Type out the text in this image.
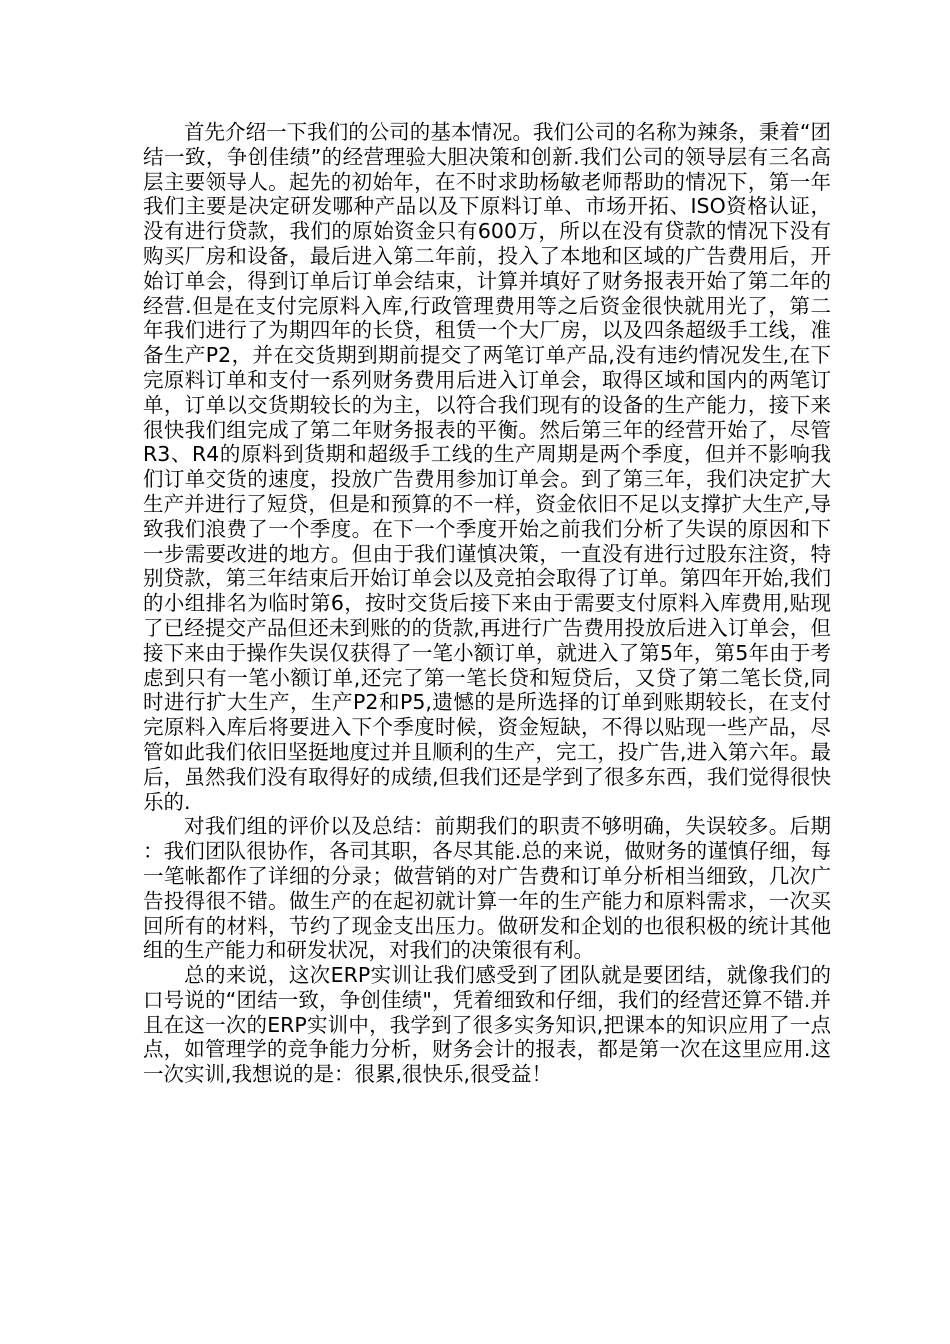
首先介绍一下我们的公司的基本情况。我们公司的名称为辣条，秉着“团结一致，争创佳绩”的经营理验大胆决策和创新.我们公司的领导层有三名高层主要领导人。起先的初始年，在不时求助杨敏老师帮助的情况下，第一年我们主要是决定研发哪种产品以及下原料订单、市场开拓、ISO资格认证，没有进行贷款，我们的原始资金只有600万，所以在没有贷款的情况下没有购买厂房和设备，最后进入第二年前，投入了本地和区域的广告费用后，开始订单会，得到订单后订单会结束，计算并填好了财务报表开始了第二年的经营.但是在支付完原料入库,行政管理费用等之后资金很快就用光了，第二年我们进行了为期四年的长贷，租赁一个大厂房，以及四条超级手工线，准备生产P2，并在交货期到期前提交了两笔订单产品,没有违约情况发生,在下完原料订单和支付一系列财务费用后进入订单会，取得区域和国内的两笔订单，订单以交货期较长的为主，以符合我们现有的设备的生产能力，接下来很快我们组完成了第二年财务报表的平衡。然后第三年的经营开始了，尽管R3、R4的原料到货期和超级手工线的生产周期是两个季度，但并不影响我们订单交货的速度，投放广告费用参加订单会。到了第三年，我们决定扩大生产并进行了短贷，但是和预算的不一样，资金依旧不足以支撑扩大生产,导致我们浪费了一个季度。在下一个季度开始之前我们分析了失误的原因和下一步需要改进的地方。但由于我们谨慎决策，一直没有进行过股东注资，特别贷款，第三年结束后开始订单会以及竞拍会取得了订单。第四年开始,我们的小组排名为临时第6，按时交货后接下来由于需要支付原料入库费用,贴现了已经提交产品但还未到账的的货款,再进行广告费用投放后进入订单会，但接下来由于操作失误仅获得了一笔小额订单，就进入了第5年，第5年由于考虑到只有一笔小额订单,还完了第一笔长贷和短贷后，又贷了第二笔长贷,同时进行扩大生产，生产P2和P5,遗憾的是所选择的订单到账期较长，在支付完原料入库后将要进入下个季度时候，资金短缺，不得以贴现一些产品，尽管如此我们依旧坚挺地度过并且顺利的生产，完工，投广告,进入第六年。最后，虽然我们没有取得好的成绩,但我们还是学到了很多东西，我们觉得很快乐的.

对我们组的评价以及总结：前期我们的职责不够明确，失误较多。后期：我们团队很协作，各司其职，各尽其能.总的来说，做财务的谨慎仔细，每一笔帐都作了详细的分录；做营销的对广告费和订单分析相当细致，几次广告投得很不错。做生产的在起初就计算一年的生产能力和原料需求，一次买回所有的材料，节约了现金支出压力。做研发和企划的也很积极的统计其他组的生产能力和研发状况，对我们的决策很有利。

总的来说，这次ERP实训让我们感受到了团队就是要团结，就像我们的口号说的“团结一致，争创佳绩"，凭着细致和仔细，我们的经营还算不错.并且在这一次的ERP实训中，我学到了很多实务知识,把课本的知识应用了一点点，如管理学的竞争能力分析，财务会计的报表，都是第一次在这里应用.这一次实训,我想说的是：很累,很快乐,很受益！
